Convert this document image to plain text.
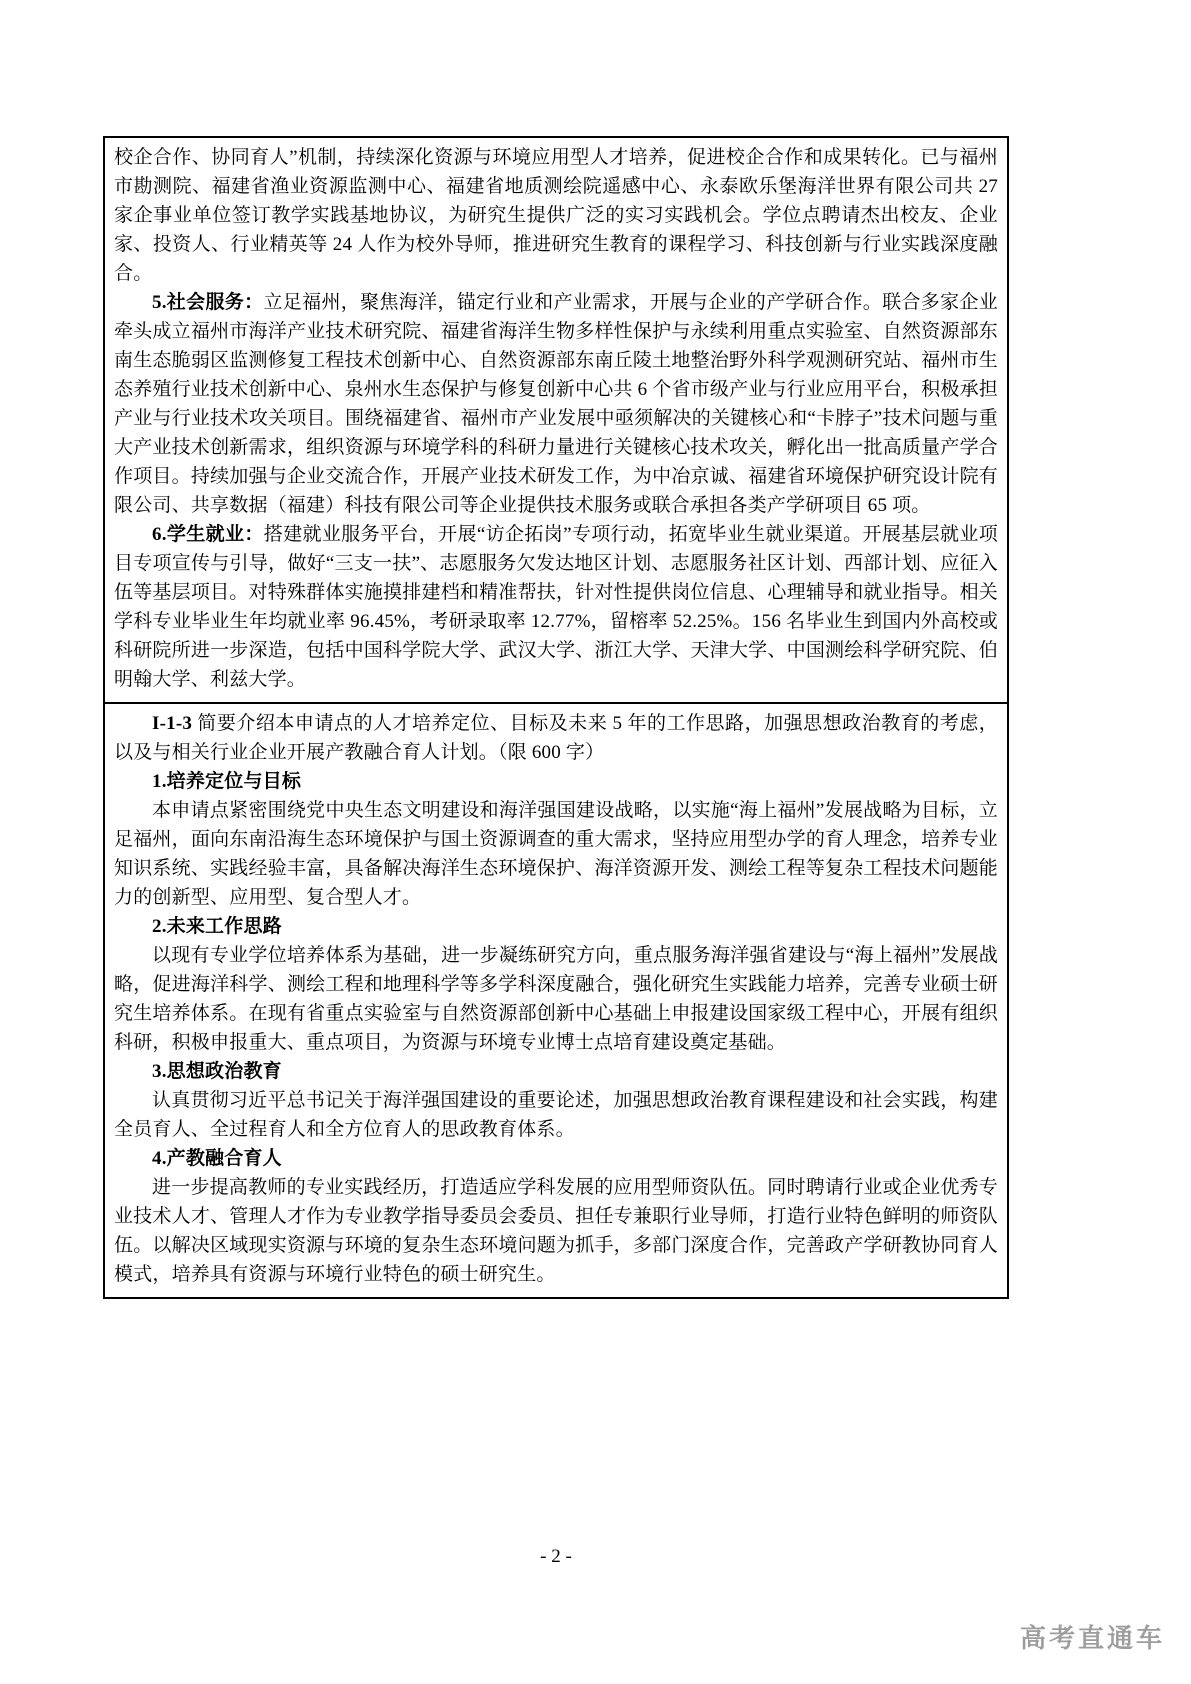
校企合作、协同育人”机制，持续深化资源与环境应用型人才培养，促进校企合作和成果转化。已与福州市勘测院、福建省渔业资源监测中心、福建省地质测绘院遥感中心、永泰欧乐堡海洋世界有限公司共 27 家企事业单位签订教学实践基地协议，为研究生提供广泛的实习实践机会。学位点聘请杰出校友、企业家、投资人、行业精英等 24 人作为校外导师，推进研究生教育的课程学习、科技创新与行业实践深度融合。

5.社会服务：立足福州，聚焦海洋，锚定行业和产业需求，开展与企业的产学研合作。联合多家企业牵头成立福州市海洋产业技术研究院、福建省海洋生物多样性保护与永续利用重点实验室、自然资源部东南生态脆弱区监测修复工程技术创新中心、自然资源部东南丘陵土地整治野外科学观测研究站、福州市生态养殖行业技术创新中心、泉州水生态保护与修复创新中心共 6 个省市级产业与行业应用平台，积极承担产业与行业技术攻关项目。围绕福建省、福州市产业发展中亟须解决的关键核心和“卡脖子”技术问题与重大产业技术创新需求，组织资源与环境学科的科研力量进行关键核心技术攻关，孵化出一批高质量产学合作项目。持续加强与企业交流合作，开展产业技术研发工作，为中冶京诚、福建省环境保护研究设计院有限公司、共享数据（福建）科技有限公司等企业提供技术服务或联合承担各类产学研项目 65 项。

6.学生就业：搭建就业服务平台，开展“访企拓岗”专项行动，拓宽毕业生就业渠道。开展基层就业项目专项宣传与引导，做好“三支一扶”、志愿服务欠发达地区计划、志愿服务社区计划、西部计划、应征入伍等基层项目。对特殊群体实施摸排建档和精准帮扶，针对性提供岗位信息、心理辅导和就业指导。相关学科专业毕业生年均就业率 96.45%，考研录取率 12.77%，留榕率 52.25%。156 名毕业生到国内外高校或科研院所进一步深造，包括中国科学院大学、武汉大学、浙江大学、天津大学、中国测绘科学研究院、伯明翰大学、利兹大学。

I-1-3 简要介绍本申请点的人才培养定位、目标及未来 5 年的工作思路，加强思想政治教育的考虑，以及与相关行业企业开展产教融合育人计划。（限 600 字）

1.培养定位与目标

本申请点紧密围绕党中央生态文明建设和海洋强国建设战略，以实施“海上福州”发展战略为目标，立足福州，面向东南沿海生态环境保护与国土资源调查的重大需求，坚持应用型办学的育人理念，培养专业知识系统、实践经验丰富，具备解决海洋生态环境保护、海洋资源开发、测绘工程等复杂工程技术问题能力的创新型、应用型、复合型人才。

2.未来工作思路

以现有专业学位培养体系为基础，进一步凝练研究方向，重点服务海洋强省建设与“海上福州”发展战略，促进海洋科学、测绘工程和地理科学等多学科深度融合，强化研究生实践能力培养，完善专业硕士研究生培养体系。在现有省重点实验室与自然资源部创新中心基础上申报建设国家级工程中心，开展有组织科研，积极申报重大、重点项目，为资源与环境专业博士点培育建设奠定基础。

3.思想政治教育

认真贯彻习近平总书记关于海洋强国建设的重要论述，加强思想政治教育课程建设和社会实践，构建全员育人、全过程育人和全方位育人的思政教育体系。

4.产教融合育人

进一步提高教师的专业实践经历，打造适应学科发展的应用型师资队伍。同时聘请行业或企业优秀专业技术人才、管理人才作为专业教学指导委员会委员、担任专兼职行业导师，打造行业特色鲜明的师资队伍。以解决区域现实资源与环境的复杂生态环境问题为抓手，多部门深度合作，完善政产学研教协同育人模式，培养具有资源与环境行业特色的硕士研究生。

- 2 -
高考直通车
